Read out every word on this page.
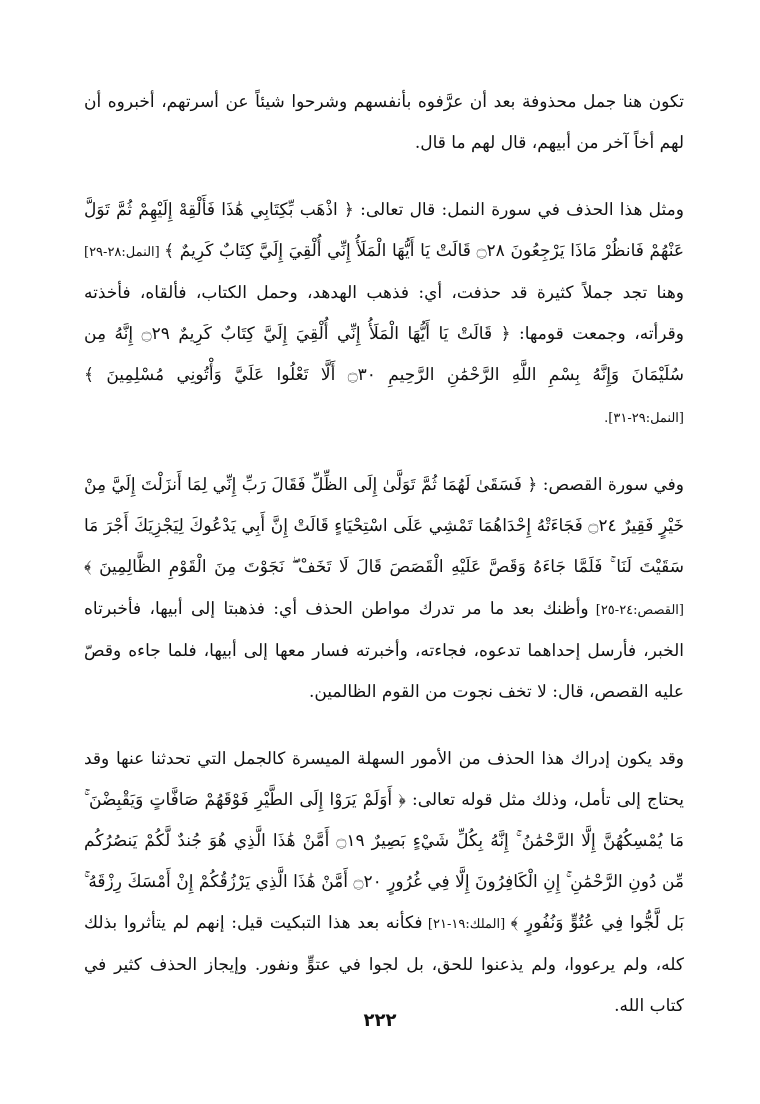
تكون هنا جمل محذوفة بعد أن عرَّفوه بأنفسهم وشرحوا شيئاً عن أسرتهم، أخبروه أن لهم أخاً آخر من أبيهم، قال لهم ما قال.

ومثل هذا الحذف في سورة النمل: قال تعالى: ﴿ اذْهَب بِّكِتَابِي هَٰذَا فَأَلْقِهْ إِلَيْهِمْ ثُمَّ تَوَلَّ عَنْهُمْ فَانظُرْ مَاذَا يَرْجِعُونَ ۝٢٨ قَالَتْ يَا أَيُّهَا الْمَلَأُ إِنِّي أُلْقِيَ إِلَيَّ كِتَابٌ كَرِيمٌ ﴾ [النمل:٢٨-٢٩] وهنا تجد جملاً كثيرة قد حذفت، أي: فذهب الهدهد، وحمل الكتاب، فألقاه، فأخذته وقرأته، وجمعت قومها: ﴿ قَالَتْ يَا أَيُّهَا الْمَلَأُ إِنِّي أُلْقِيَ إِلَيَّ كِتَابٌ كَرِيمٌ ۝٢٩ إِنَّهُ مِن سُلَيْمَانَ وَإِنَّهُ بِسْمِ اللَّهِ الرَّحْمَٰنِ الرَّحِيمِ ۝٣٠ أَلَّا تَعْلُوا عَلَيَّ وَأْتُونِي مُسْلِمِينَ ﴾ [النمل:٢٩-٣١].

وفي سورة القصص: ﴿ فَسَقَىٰ لَهُمَا ثُمَّ تَوَلَّىٰ إِلَى الظِّلِّ فَقَالَ رَبِّ إِنِّي لِمَا أَنزَلْتَ إِلَيَّ مِنْ خَيْرٍ فَقِيرٌ ۝٢٤ فَجَاءَتْهُ إِحْدَاهُمَا تَمْشِي عَلَى اسْتِحْيَاءٍ قَالَتْ إِنَّ أَبِي يَدْعُوكَ لِيَجْزِيَكَ أَجْرَ مَا سَقَيْتَ لَنَا ۚ فَلَمَّا جَاءَهُ وَقَصَّ عَلَيْهِ الْقَصَصَ قَالَ لَا تَخَفْ ۖ نَجَوْتَ مِنَ الْقَوْمِ الظَّالِمِينَ ﴾ [القصص:٢٤-٢٥] وأظنك بعد ما مر تدرك مواطن الحذف أي: فذهبتا إلى أبيها، فأخبرتاه الخبر، فأرسل إحداهما تدعوه، فجاءته، وأخبرته فسار معها إلى أبيها، فلما جاءه وقصّ عليه القصص، قال: لا تخف نجوت من القوم الظالمين.

وقد يكون إدراك هذا الحذف من الأمور السهلة الميسرة كالجمل التي تحدثنا عنها وقد يحتاج إلى تأمل، وذلك مثل قوله تعالى: ﴿ أَوَلَمْ يَرَوْا إِلَى الطَّيْرِ فَوْقَهُمْ صَافَّاتٍ وَيَقْبِضْنَ ۚ مَا يُمْسِكُهُنَّ إِلَّا الرَّحْمَٰنُ ۚ إِنَّهُ بِكُلِّ شَيْءٍ بَصِيرٌ ۝١٩ أَمَّنْ هَٰذَا الَّذِي هُوَ جُندٌ لَّكُمْ يَنصُرُكُم مِّن دُونِ الرَّحْمَٰنِ ۚ إِنِ الْكَافِرُونَ إِلَّا فِي غُرُورٍ ۝٢٠ أَمَّنْ هَٰذَا الَّذِي يَرْزُقُكُمْ إِنْ أَمْسَكَ رِزْقَهُ ۚ بَل لَّجُّوا فِي عُتُوٍّ وَنُفُورٍ ﴾ [الملك:١٩-٢١] فكأنه بعد هذا التبكيت قيل: إنهم لم يتأثروا بذلك كله، ولم يرعووا، ولم يذعنوا للحق، بل لجوا في عتوٍّ ونفور. وإيجاز الحذف كثير في كتاب الله.

٢٢٢
